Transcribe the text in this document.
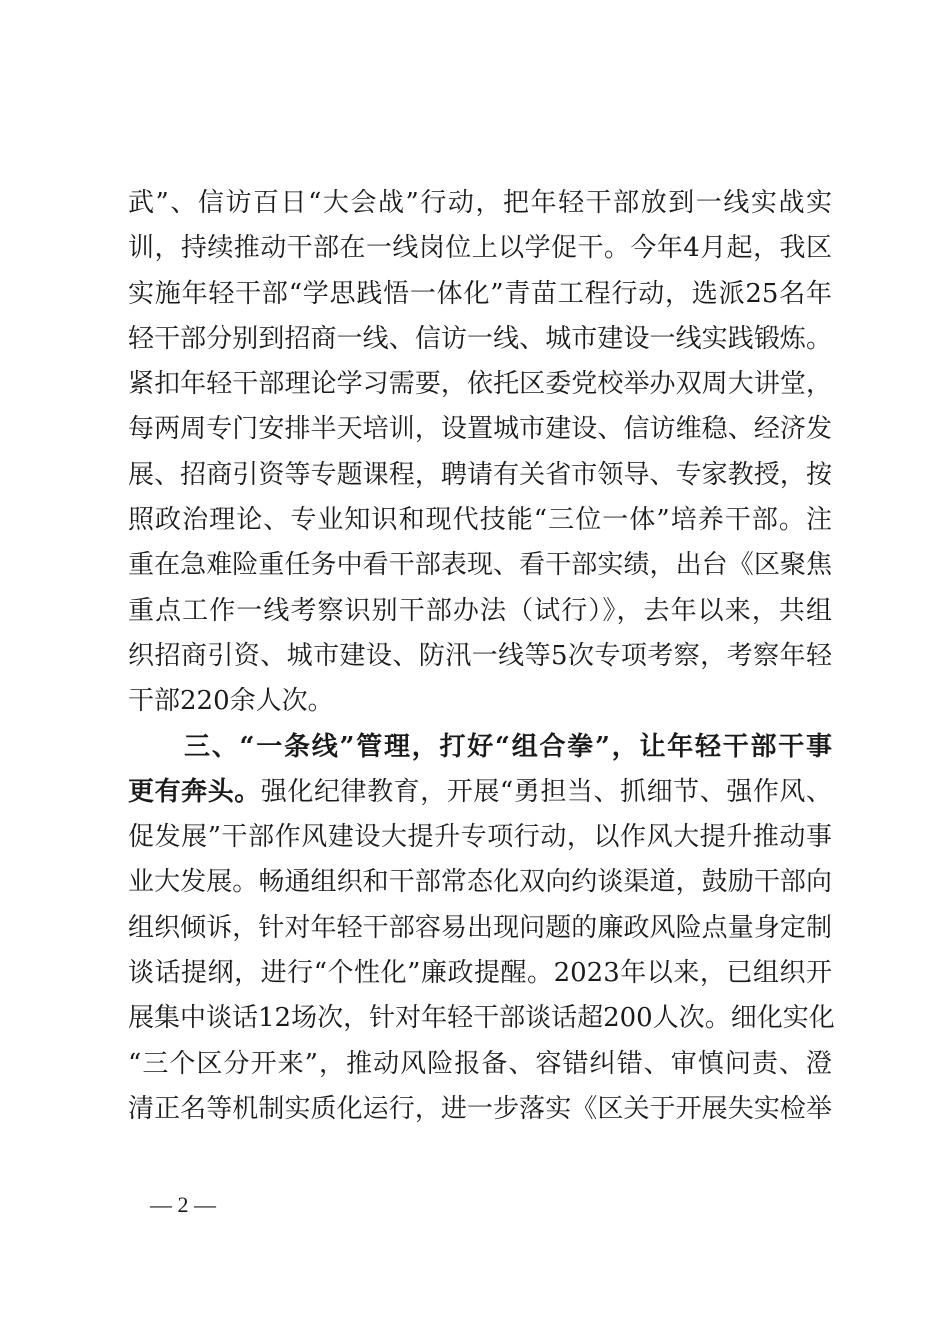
武”、信访百日“大会战”行动，把年轻干部放到一线实战实
训，持续推动干部在一线岗位上以学促干。今年4月起，我区
实施年轻干部“学思践悟一体化”青苗工程行动，选派25名年
轻干部分别到招商一线、信访一线、城市建设一线实践锻炼。
紧扣年轻干部理论学习需要，依托区委党校举办双周大讲堂，
每两周专门安排半天培训，设置城市建设、信访维稳、经济发
展、招商引资等专题课程，聘请有关省市领导、专家教授，按
照政治理论、专业知识和现代技能“三位一体”培养干部。注
重在急难险重任务中看干部表现、看干部实绩，出台《区聚焦
重点工作一线考察识别干部办法（试行）》，去年以来，共组
织招商引资、城市建设、防汛一线等5次专项考察，考察年轻
干部220余人次。
三、“一条线”管理，打好“组合拳”，让年轻干部干事
更有奔头。强化纪律教育，开展“勇担当、抓细节、强作风、
促发展”干部作风建设大提升专项行动，以作风大提升推动事
业大发展。畅通组织和干部常态化双向约谈渠道，鼓励干部向
组织倾诉，针对年轻干部容易出现问题的廉政风险点量身定制
谈话提纲，进行“个性化”廉政提醒。2023年以来，已组织开
展集中谈话12场次，针对年轻干部谈话超200人次。细化实化
“三个区分开来”，推动风险报备、容错纠错、审慎问责、澄
清正名等机制实质化运行，进一步落实《区关于开展失实检举
— 2 —
